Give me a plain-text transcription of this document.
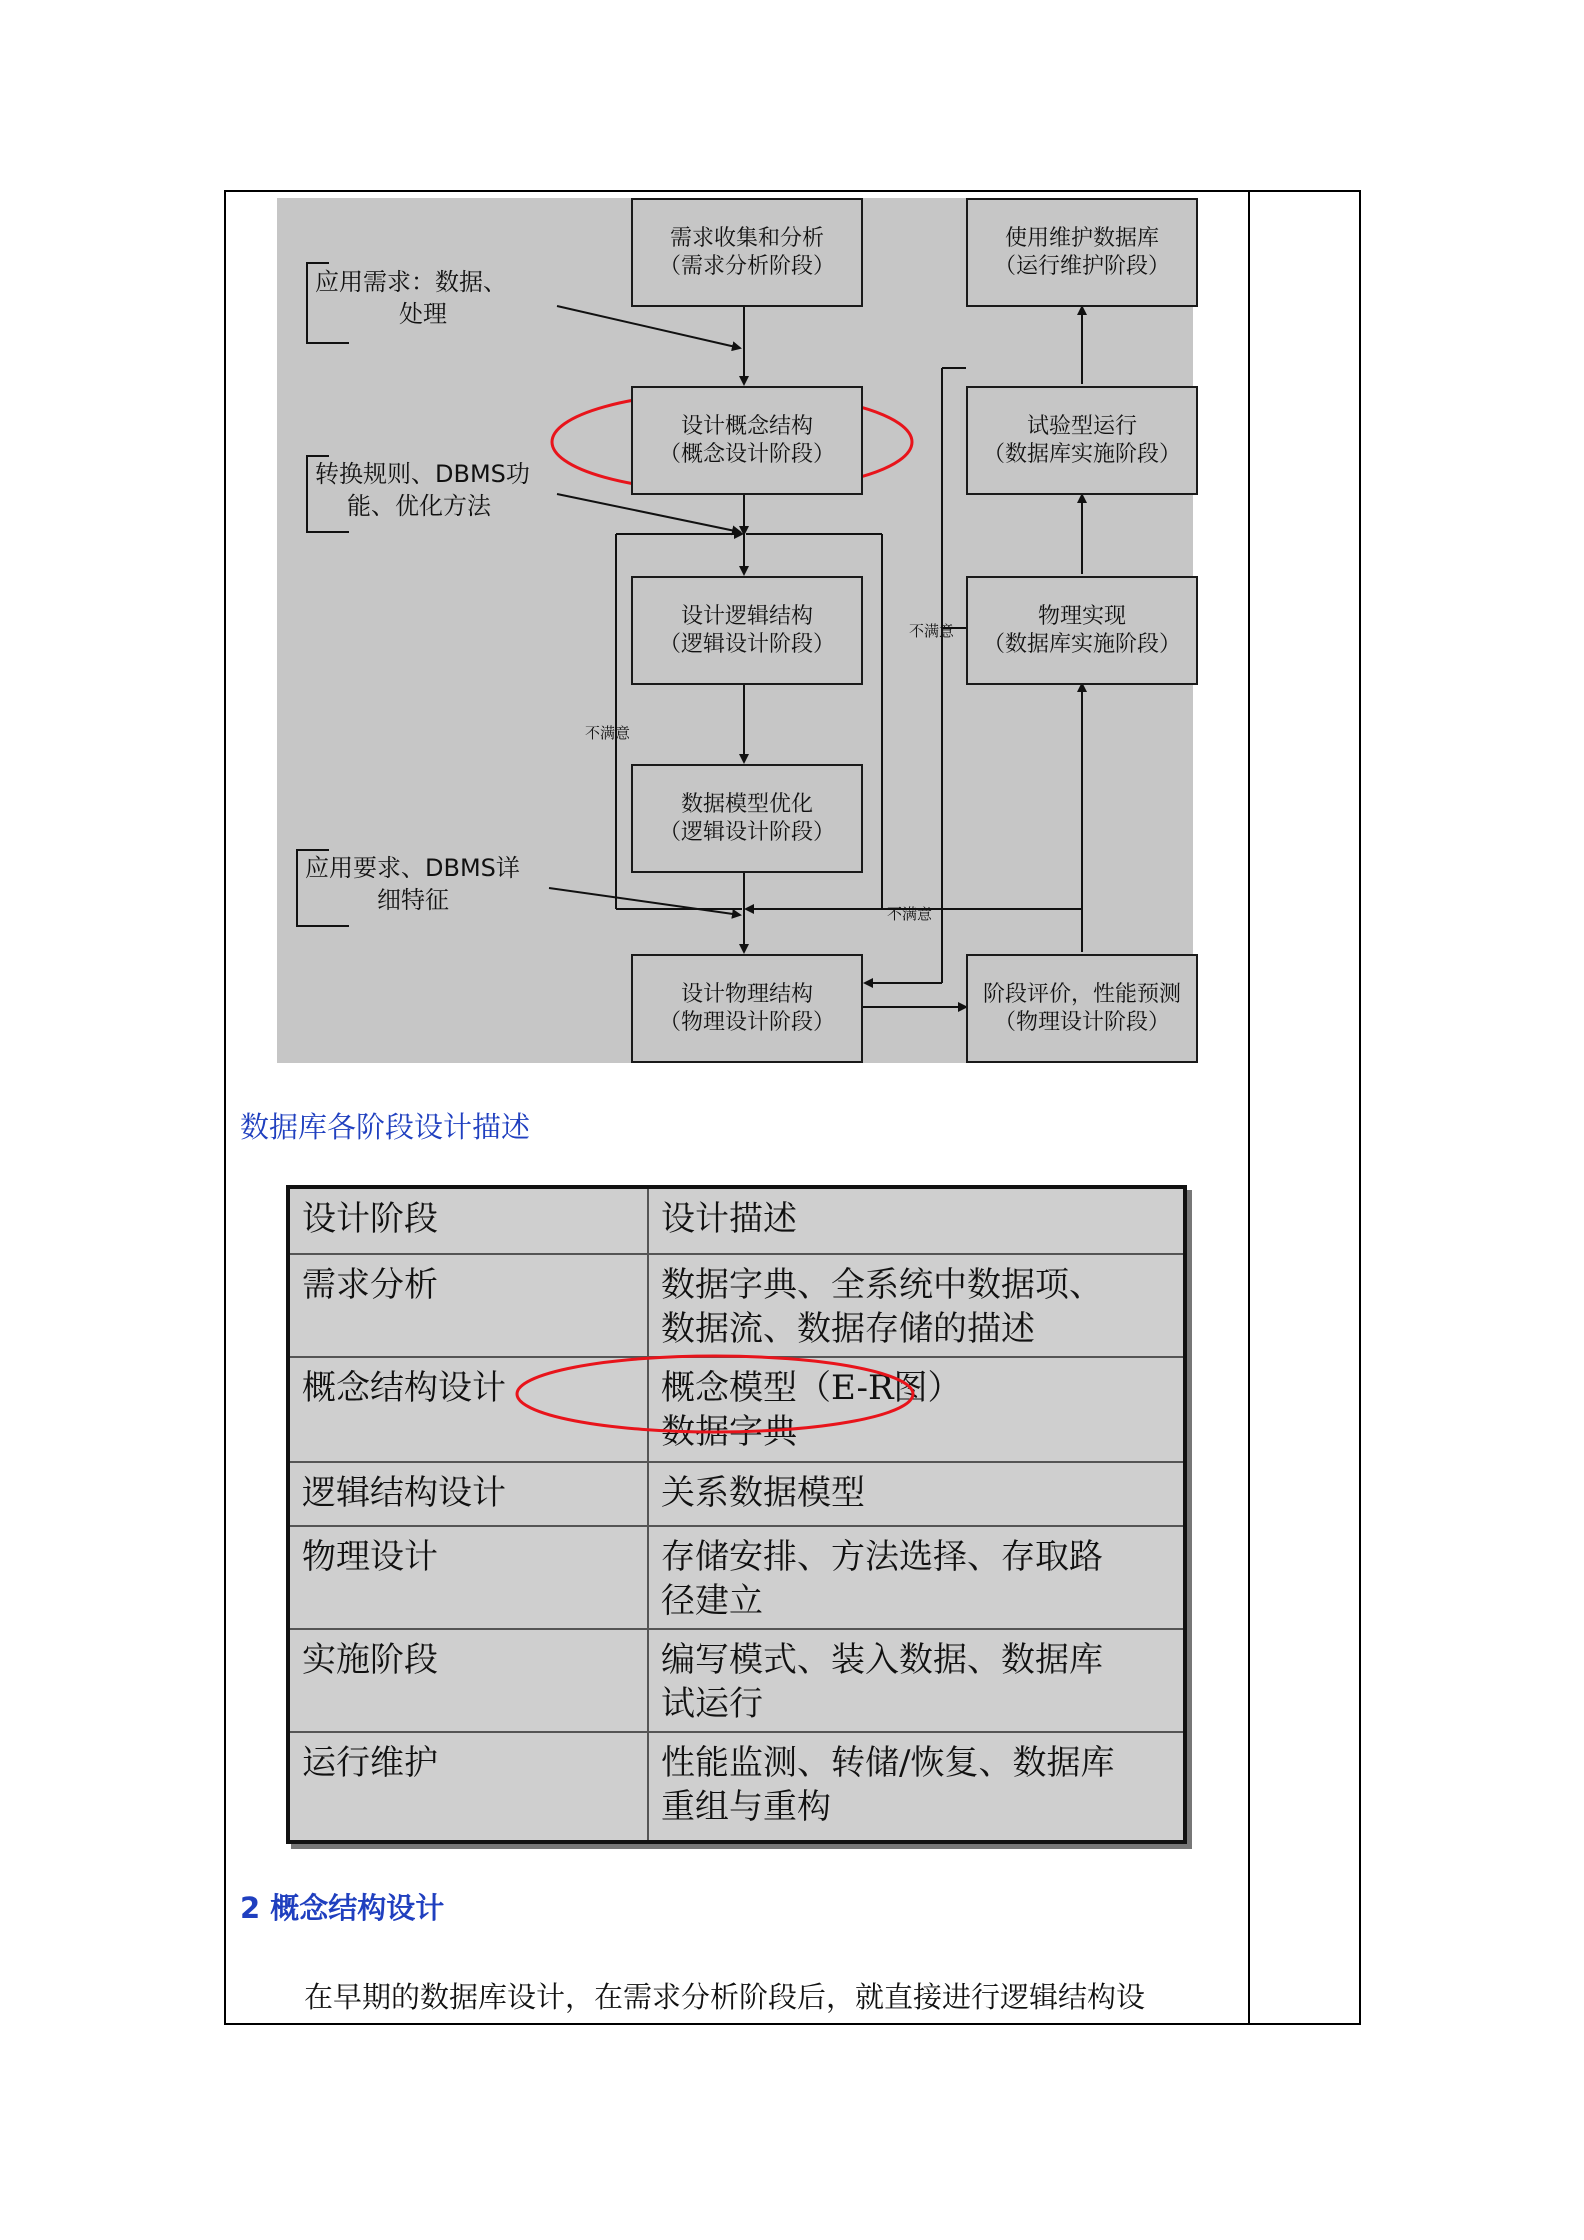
需求收集和分析
（需求分析阶段）
设计概念结构
（概念设计阶段）
设计逻辑结构
（逻辑设计阶段）
数据模型优化
（逻辑设计阶段）
设计物理结构
（物理设计阶段）
阶段评价，性能预测
（物理设计阶段）
物理实现
（数据库实施阶段）
试验型运行
（数据库实施阶段）
使用维护数据库
（运行维护阶段）
应用需求：数据、
处理
转换规则、DBMS功
能、优化方法
应用要求、DBMS详
细特征
不满意
不满意
不满意
数据库各阶段设计描述
设计阶段	设计描述
需求分析	数据字典、全系统中数据项、
数据流、数据存储的描述
概念结构设计	概念模型（E-R图）
数据字典
逻辑结构设计	关系数据模型
物理设计	存储安排、方法选择、存取路
径建立
实施阶段	编写模式、装入数据、数据库
试运行
运行维护	性能监测、转储/恢复、数据库
重组与重构
2 概念结构设计
在早期的数据库设计，在需求分析阶段后，就直接进行逻辑结构设
